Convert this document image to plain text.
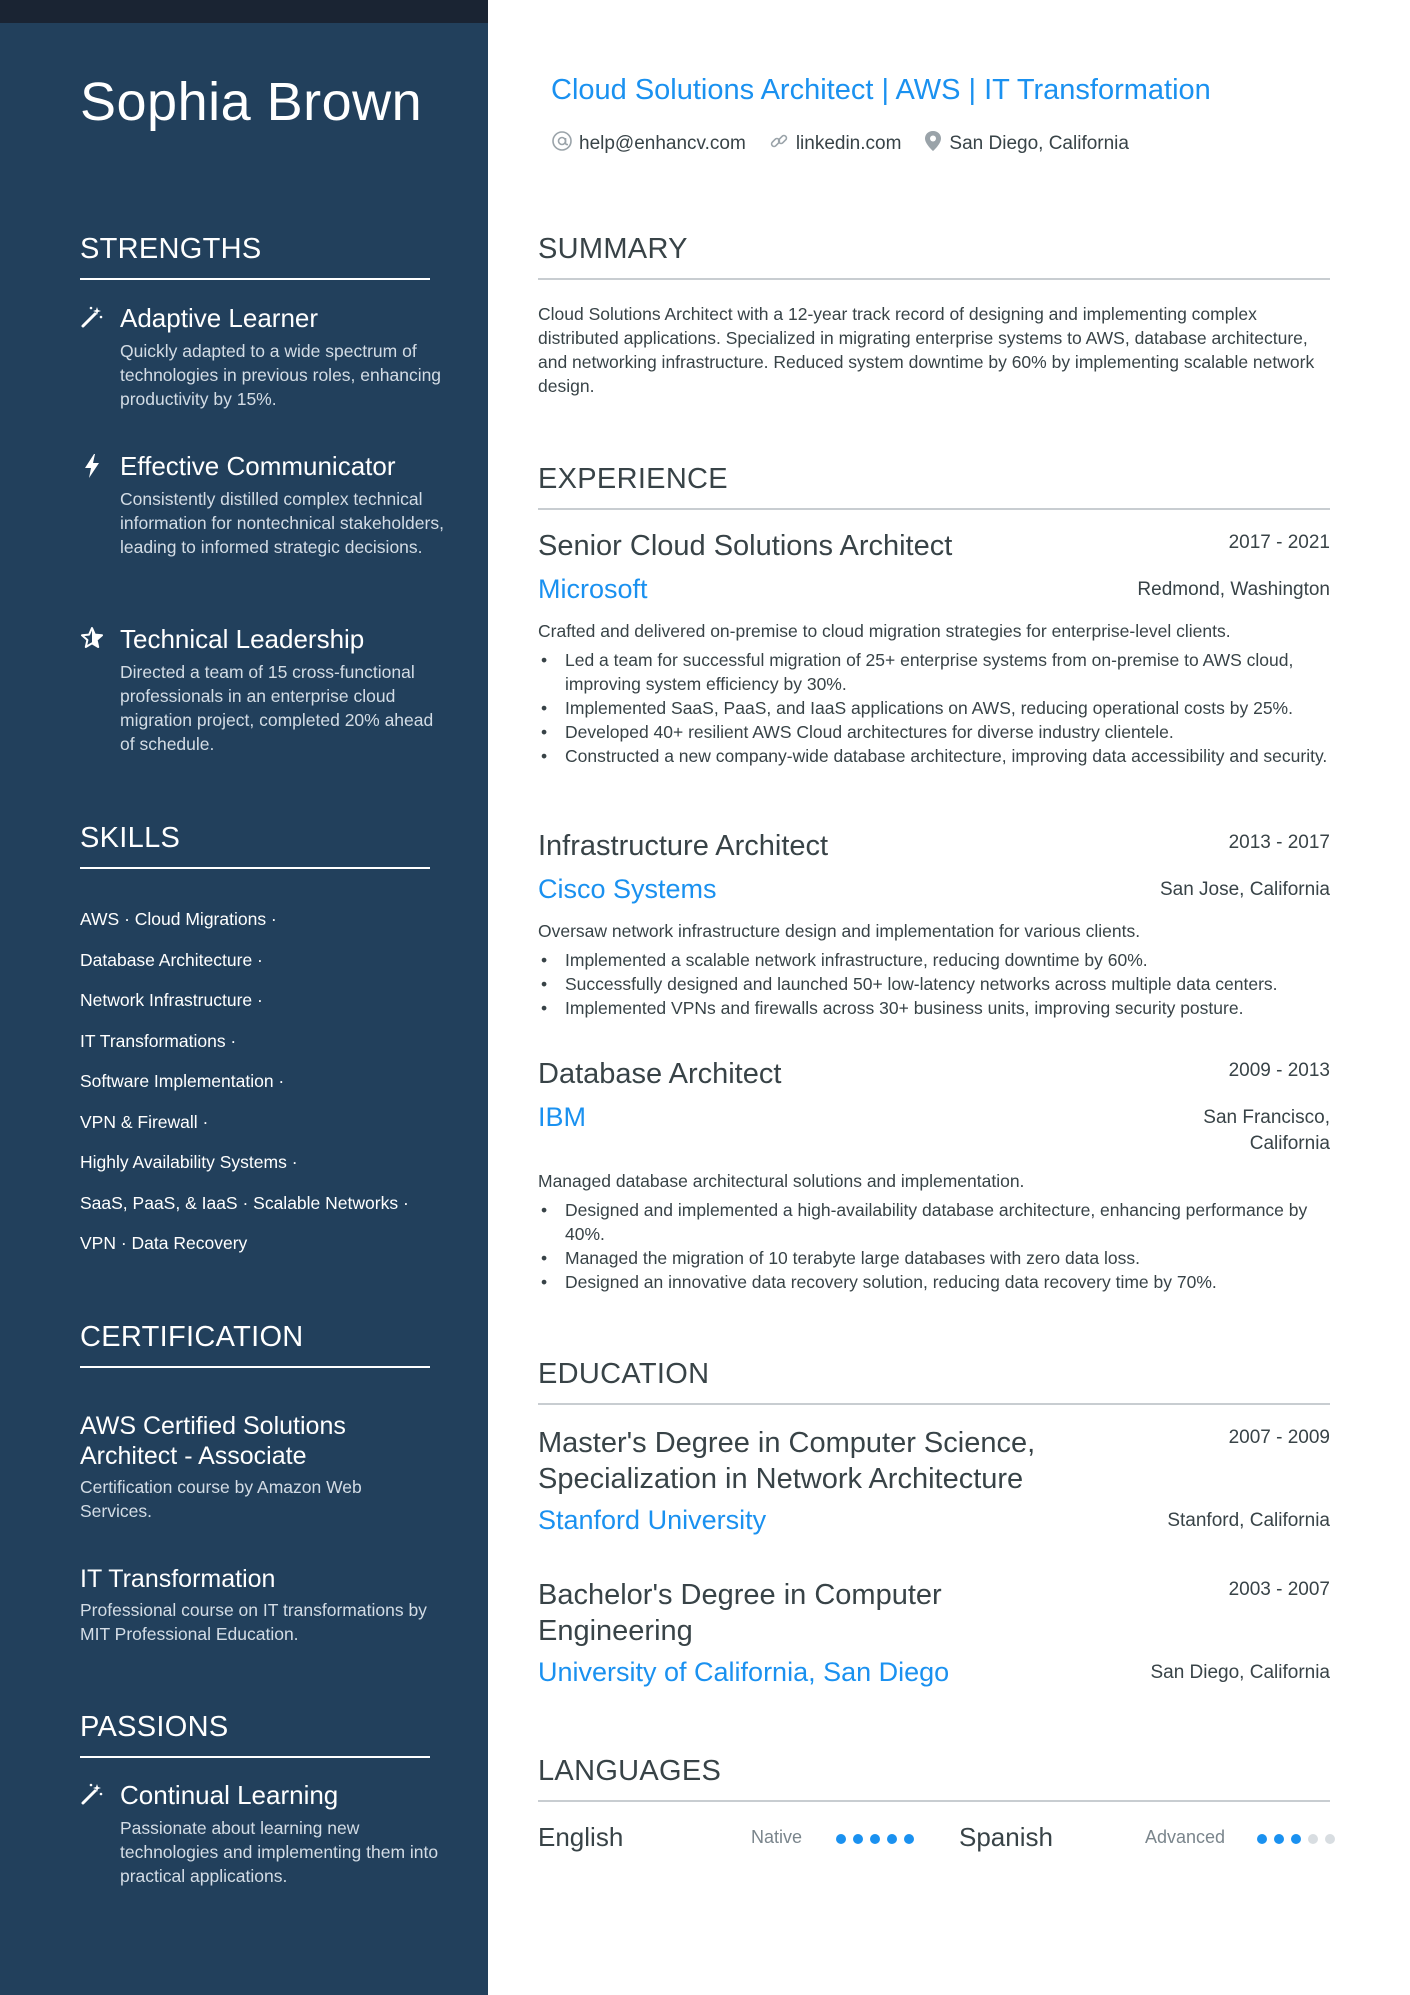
Sophia Brown
STRENGTHS
Adaptive Learner
Quickly adapted to a wide spectrum of technologies in previous roles, enhancing productivity by 15%.
Effective Communicator
Consistently distilled complex technical information for nontechnical stakeholders, leading to informed strategic decisions.
Technical Leadership
Directed a team of 15 cross-functional professionals in an enterprise cloud migration project, completed 20% ahead of schedule.
SKILLS
AWS · Cloud Migrations ·
Database Architecture ·
Network Infrastructure ·
IT Transformations ·
Software Implementation ·
VPN & Firewall ·
Highly Availability Systems ·
SaaS, PaaS, & IaaS · Scalable Networks ·
VPN · Data Recovery
CERTIFICATION
AWS Certified Solutions Architect - Associate
Certification course by Amazon Web Services.
IT Transformation
Professional course on IT transformations by MIT Professional Education.
PASSIONS
Continual Learning
Passionate about learning new technologies and implementing them into practical applications.
Cloud Solutions Architect | AWS | IT Transformation
help@enhancv.com	linkedin.com	San Diego, California
SUMMARY
Cloud Solutions Architect with a 12-year track record of designing and implementing complex distributed applications. Specialized in migrating enterprise systems to AWS, database architecture, and networking infrastructure. Reduced system downtime by 60% by implementing scalable network design.
EXPERIENCE
Senior Cloud Solutions Architect	2017 - 2021
Microsoft	Redmond, Washington
Crafted and delivered on-premise to cloud migration strategies for enterprise-level clients.
• Led a team for successful migration of 25+ enterprise systems from on-premise to AWS cloud, improving system efficiency by 30%.
• Implemented SaaS, PaaS, and IaaS applications on AWS, reducing operational costs by 25%.
• Developed 40+ resilient AWS Cloud architectures for diverse industry clientele.
• Constructed a new company-wide database architecture, improving data accessibility and security.
Infrastructure Architect	2013 - 2017
Cisco Systems	San Jose, California
Oversaw network infrastructure design and implementation for various clients.
• Implemented a scalable network infrastructure, reducing downtime by 60%.
• Successfully designed and launched 50+ low-latency networks across multiple data centers.
• Implemented VPNs and firewalls across 30+ business units, improving security posture.
Database Architect	2009 - 2013
IBM	San Francisco,
California
Managed database architectural solutions and implementation.
• Designed and implemented a high-availability database architecture, enhancing performance by 40%.
• Managed the migration of 10 terabyte large databases with zero data loss.
• Designed an innovative data recovery solution, reducing data recovery time by 70%.
EDUCATION
Master's Degree in Computer Science,
Specialization in Network Architecture
2007 - 2009
Stanford University	Stanford, California
Bachelor's Degree in Computer
Engineering
2003 - 2007
University of California, San Diego	San Diego, California
LANGUAGES
English	Native	Spanish	Advanced
